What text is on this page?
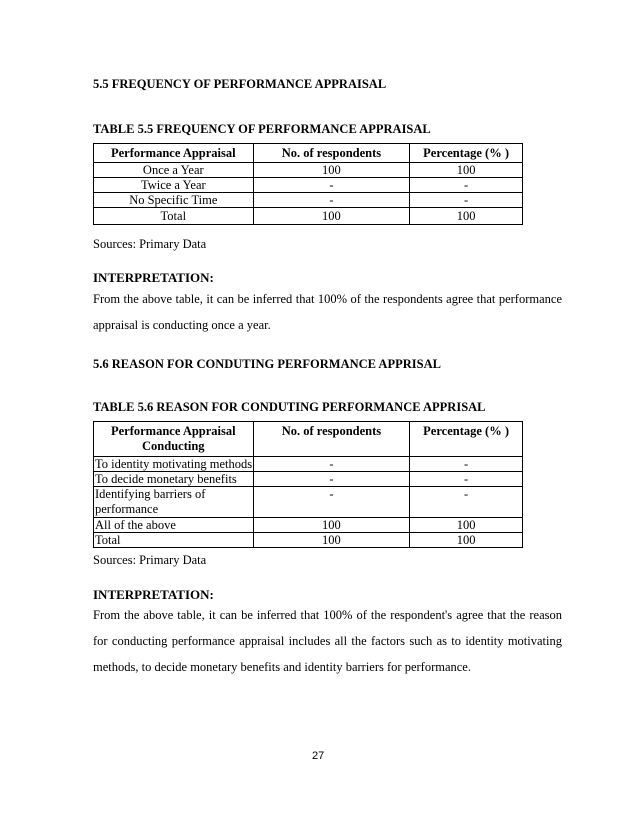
5.5 FREQUENCY OF PERFORMANCE APPRAISAL
TABLE 5.5 FREQUENCY OF PERFORMANCE APPRAISAL
Performance Appraisal	No. of respondents	Percentage (% )
Once a Year	100	100
Twice a Year	-	-
No Specific Time	-	-
Total	100	100
Sources: Primary Data
INTERPRETATION:
From the above table, it can be inferred that 100% of the respondents agree that performance
appraisal is conducting once a year.
5.6 REASON FOR CONDUTING PERFORMANCE APPRISAL
TABLE 5.6 REASON FOR CONDUTING PERFORMANCE APPRISAL
Performance Appraisal
Conducting	No. of respondents	Percentage (% )
To identity motivating methods	-	-
To decide monetary benefits	-	-

Identifying barriers of
performance	-	-
All of the above	100	100
Total	100	100
Sources: Primary Data
INTERPRETATION:
From the above table, it can be inferred that 100% of the respondent's agree that the reason
for conducting performance appraisal includes all the factors such as to identity motivating
methods, to decide monetary benefits and identity barriers for performance.
27
